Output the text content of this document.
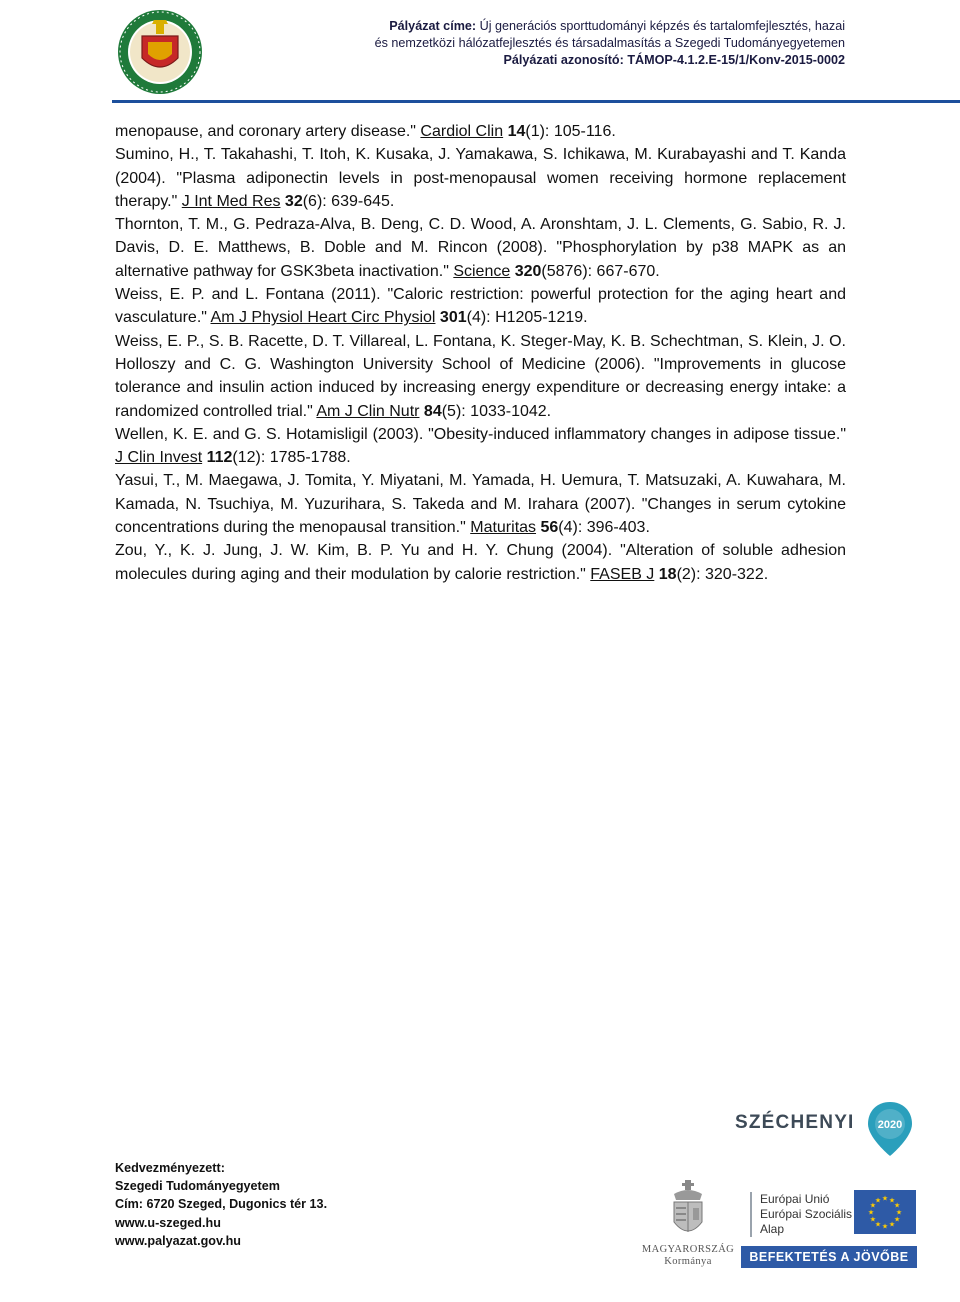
Pályázat címe: Új generációs sporttudományi képzés és tartalomfejlesztés, hazai
és nemzetközi hálózatfejlesztés és társadalmasítás a Szegedi Tudományegyetemen
Pályázati azonosító: TÁMOP-4.1.2.E-15/1/Konv-2015-0002

menopause, and coronary artery disease." Cardiol Clin 14(1): 105-116.

Sumino, H., T. Takahashi, T. Itoh, K. Kusaka, J. Yamakawa, S. Ichikawa, M. Kurabayashi and T. Kanda (2004). "Plasma adiponectin levels in post-menopausal women receiving hormone replacement therapy." J Int Med Res 32(6): 639-645.

Thornton, T. M., G. Pedraza-Alva, B. Deng, C. D. Wood, A. Aronshtam, J. L. Clements, G. Sabio, R. J. Davis, D. E. Matthews, B. Doble and M. Rincon (2008). "Phosphorylation by p38 MAPK as an alternative pathway for GSK3beta inactivation." Science 320(5876): 667-670.

Weiss, E. P. and L. Fontana (2011). "Caloric restriction: powerful protection for the aging heart and vasculature." Am J Physiol Heart Circ Physiol 301(4): H1205-1219.

Weiss, E. P., S. B. Racette, D. T. Villareal, L. Fontana, K. Steger-May, K. B. Schechtman, S. Klein, J. O. Holloszy and C. G. Washington University School of Medicine (2006). "Improvements in glucose tolerance and insulin action induced by increasing energy expenditure or decreasing energy intake: a randomized controlled trial." Am J Clin Nutr 84(5): 1033-1042.

Wellen, K. E. and G. S. Hotamisligil (2003). "Obesity-induced inflammatory changes in adipose tissue." J Clin Invest 112(12): 1785-1788.

Yasui, T., M. Maegawa, J. Tomita, Y. Miyatani, M. Yamada, H. Uemura, T. Matsuzaki, A. Kuwahara, M. Kamada, N. Tsuchiya, M. Yuzurihara, S. Takeda and M. Irahara (2007). "Changes in serum cytokine concentrations during the menopausal transition." Maturitas 56(4): 396-403.

Zou, Y., K. J. Jung, J. W. Kim, B. P. Yu and H. Y. Chung (2004). "Alteration of soluble adhesion molecules during aging and their modulation by calorie restriction." FASEB J 18(2): 320-322.

Kedvezményezett:
Szegedi Tudományegyetem
Cím: 6720 Szeged, Dugonics tér 13.
www.u-szeged.hu
www.palyazat.gov.hu
SZÉCHENYI 2020
MAGYARORSZÁG
Kormánya
Európai Unió
Európai Szociális
Alap
★ ★
★
★
★
★
★
★
★
★
★
★
BEFEKTETÉS A JÖVŐBE
